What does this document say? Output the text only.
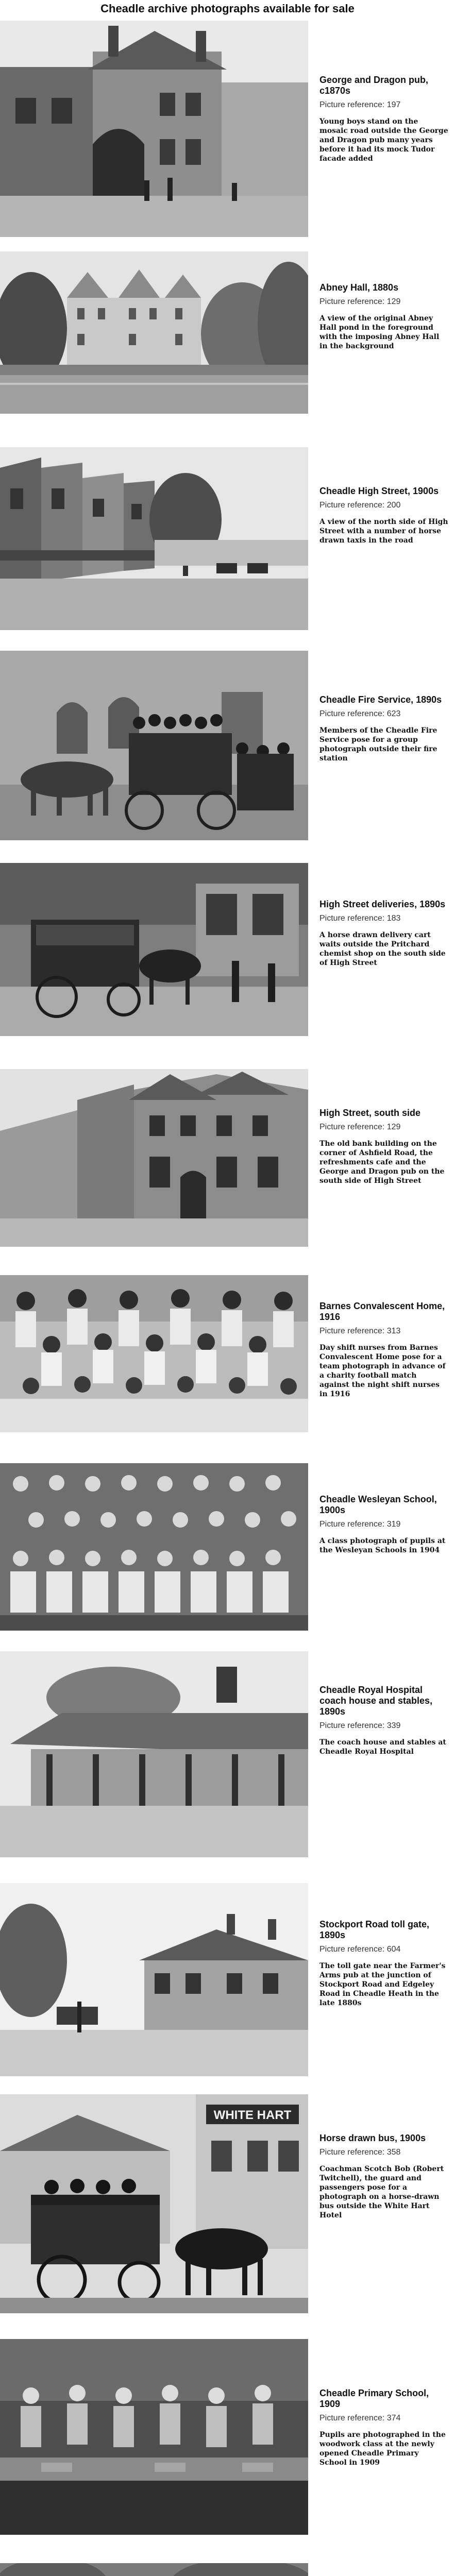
Cheadle archive photographs available for sale
George and Dragon pub, c1870s
Picture reference: 197
Young boys stand on the mosaic road outside the George and Dragon pub many years before it had its mock Tudor facade added
Abney Hall, 1880s
Picture reference: 129
A view of the original Abney Hall pond in the foreground with the imposing Abney Hall in the background
Cheadle High Street, 1900s
Picture reference: 200
A view of the north side of High Street with a number of horse drawn taxis in the road
Cheadle Fire Service, 1890s
Picture reference: 623
Members of the Cheadle Fire Service pose for a group photograph outside their fire station
High Street deliveries, 1890s
Picture reference: 183
A horse drawn delivery cart waits outside the Pritchard chemist shop on the south side of High Street
High Street, south side
Picture reference: 129
The old bank building on the corner of Ashfield Road, the refreshments cafe and the George and Dragon pub on the south side of High Street
Barnes Convalescent Home, 1916
Picture reference: 313
Day shift nurses from Barnes Convalescent Home pose for a team photograph in advance of a charity football match against the night shift nurses in 1916
Cheadle Wesleyan School, 1900s
Picture reference: 319
A class photograph of pupils at the Wesleyan Schools in 1904
Cheadle Royal Hospital coach house and stables, 1890s
Picture reference: 339
The coach house and stables at Cheadle Royal Hospital
Stockport Road toll gate, 1890s
Picture reference: 604
The toll gate near the Farmer's Arms pub at the junction of Stockport Road and Edgeley Road in Cheadle Heath in the late 1880s
WHITE HART
Horse drawn bus, 1900s
Picture reference: 358
Coachman Scotch Bob (Robert Twitchell), the guard and passengers pose for a photograph on a horse-drawn bus outside the White Hart Hotel
Cheadle Primary School, 1909
Picture reference: 374
Pupils are photographed in the woodwork class at the newly opened Cheadle Primary School in 1909
